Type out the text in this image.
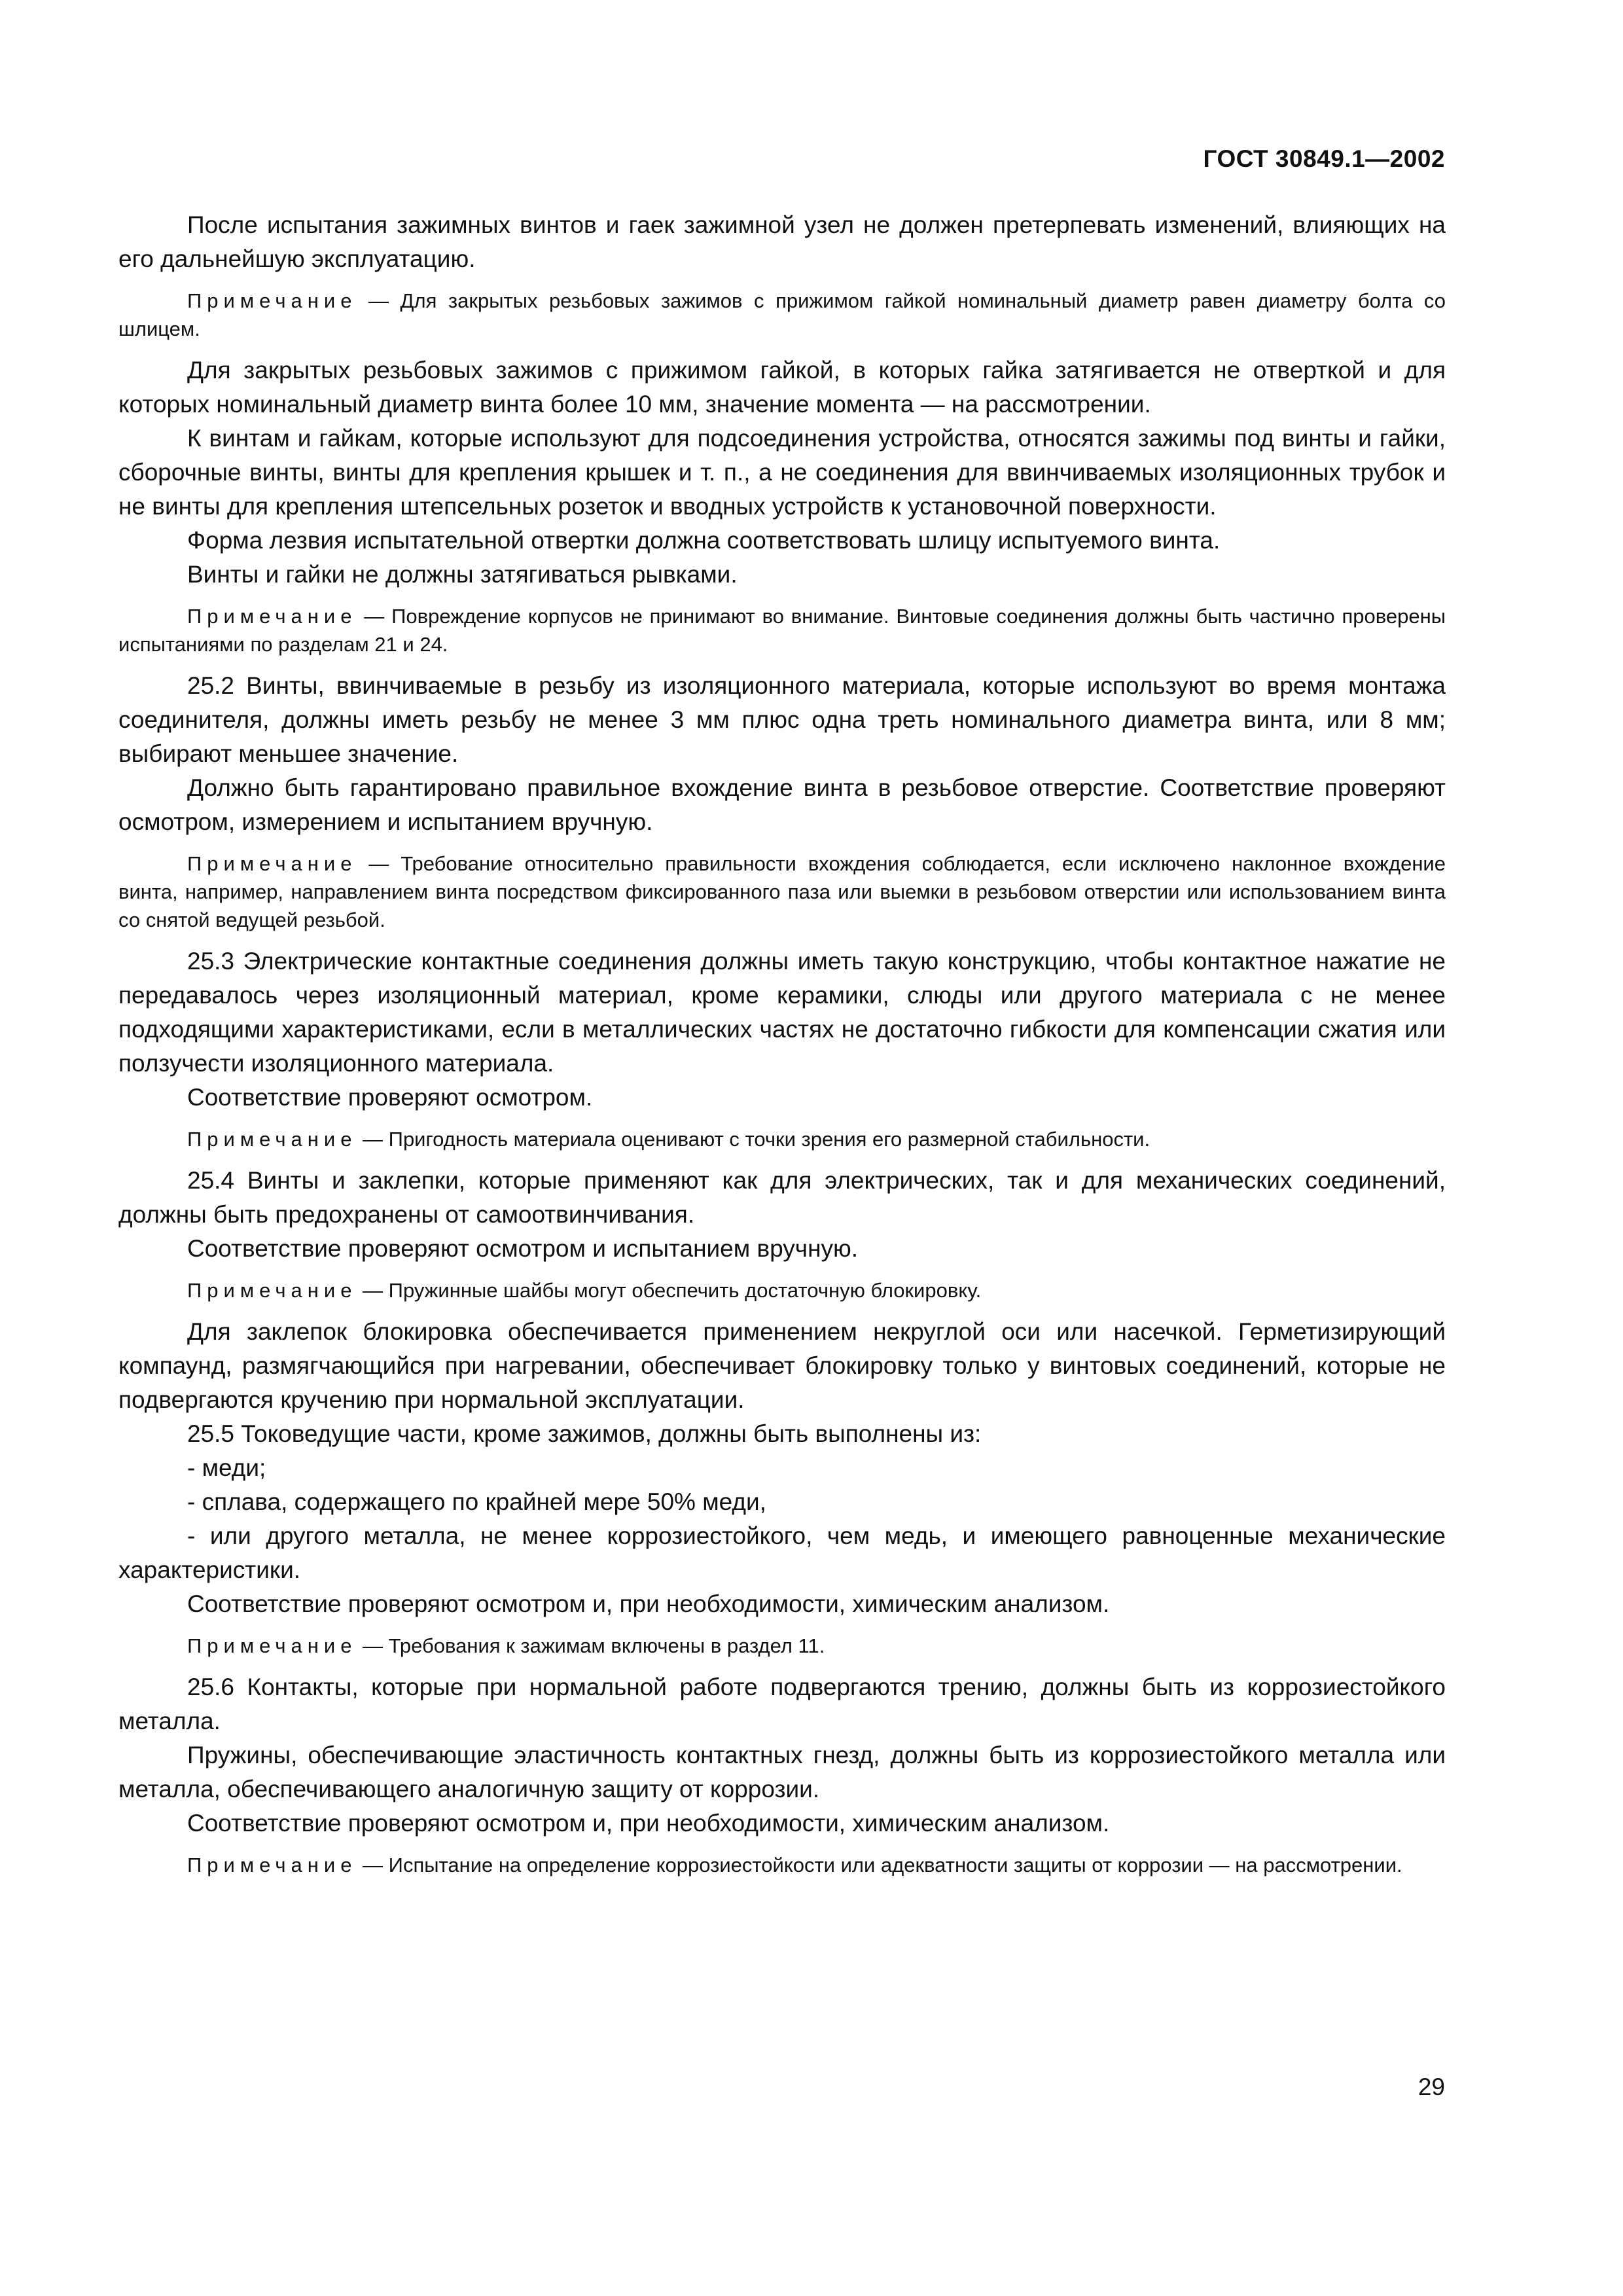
ГОСТ 30849.1—2002

После испытания зажимных винтов и гаек зажимной узел не должен претерпевать изменений, влияющих на его дальнейшую эксплуатацию.

Примечание — Для закрытых резьбовых зажимов с прижимом гайкой номинальный диаметр равен диаметру болта со шлицем.

Для закрытых резьбовых зажимов с прижимом гайкой, в которых гайка затягивается не отверткой и для которых номинальный диаметр винта более 10 мм, значение момента — на рассмотрении.

К винтам и гайкам, которые используют для подсоединения устройства, относятся зажимы под винты и гайки, сборочные винты, винты для крепления крышек и т. п., а не соединения для ввинчиваемых изоляционных трубок и не винты для крепления штепсельных розеток и вводных устройств к установочной поверхности.

Форма лезвия испытательной отвертки должна соответствовать шлицу испытуемого винта.

Винты и гайки не должны затягиваться рывками.

Примечание — Повреждение корпусов не принимают во внимание. Винтовые соединения должны быть частично проверены испытаниями по разделам 21 и 24.

25.2 Винты, ввинчиваемые в резьбу из изоляционного материала, которые используют во время монтажа соединителя, должны иметь резьбу не менее 3 мм плюс одна треть номинального диаметра винта, или 8 мм; выбирают меньшее значение.

Должно быть гарантировано правильное вхождение винта в резьбовое отверстие. Соответствие проверяют осмотром, измерением и испытанием вручную.

Примечание — Требование относительно правильности вхождения соблюдается, если исключено наклонное вхождение винта, например, направлением винта посредством фиксированного паза или выемки в резьбовом отверстии или использованием винта со снятой ведущей резьбой.

25.3 Электрические контактные соединения должны иметь такую конструкцию, чтобы контактное нажатие не передавалось через изоляционный материал, кроме керамики, слюды или другого материала с не менее подходящими характеристиками, если в металлических частях не достаточно гибкости для компенсации сжатия или ползучести изоляционного материала.

Соответствие проверяют осмотром.

Примечание — Пригодность материала оценивают с точки зрения его размерной стабильности.

25.4 Винты и заклепки, которые применяют как для электрических, так и для механических соединений, должны быть предохранены от самоотвинчивания.

Соответствие проверяют осмотром и испытанием вручную.

Примечание — Пружинные шайбы могут обеспечить достаточную блокировку.

Для заклепок блокировка обеспечивается применением некруглой оси или насечкой. Герметизирующий компаунд, размягчающийся при нагревании, обеспечивает блокировку только у винтовых соединений, которые не подвергаются кручению при нормальной эксплуатации.

25.5 Токоведущие части, кроме зажимов, должны быть выполнены из:

- меди;

- сплава, содержащего по крайней мере 50% меди,

- или другого металла, не менее коррозиестойкого, чем медь, и имеющего равноценные механические характеристики.

Соответствие проверяют осмотром и, при необходимости, химическим анализом.

Примечание — Требования к зажимам включены в раздел 11.

25.6 Контакты, которые при нормальной работе подвергаются трению, должны быть из коррозиестойкого металла.

Пружины, обеспечивающие эластичность контактных гнезд, должны быть из коррозиестойкого металла или металла, обеспечивающего аналогичную защиту от коррозии.

Соответствие проверяют осмотром и, при необходимости, химическим анализом.

Примечание — Испытание на определение коррозиестойкости или адекватности защиты от коррозии — на рассмотрении.

29
